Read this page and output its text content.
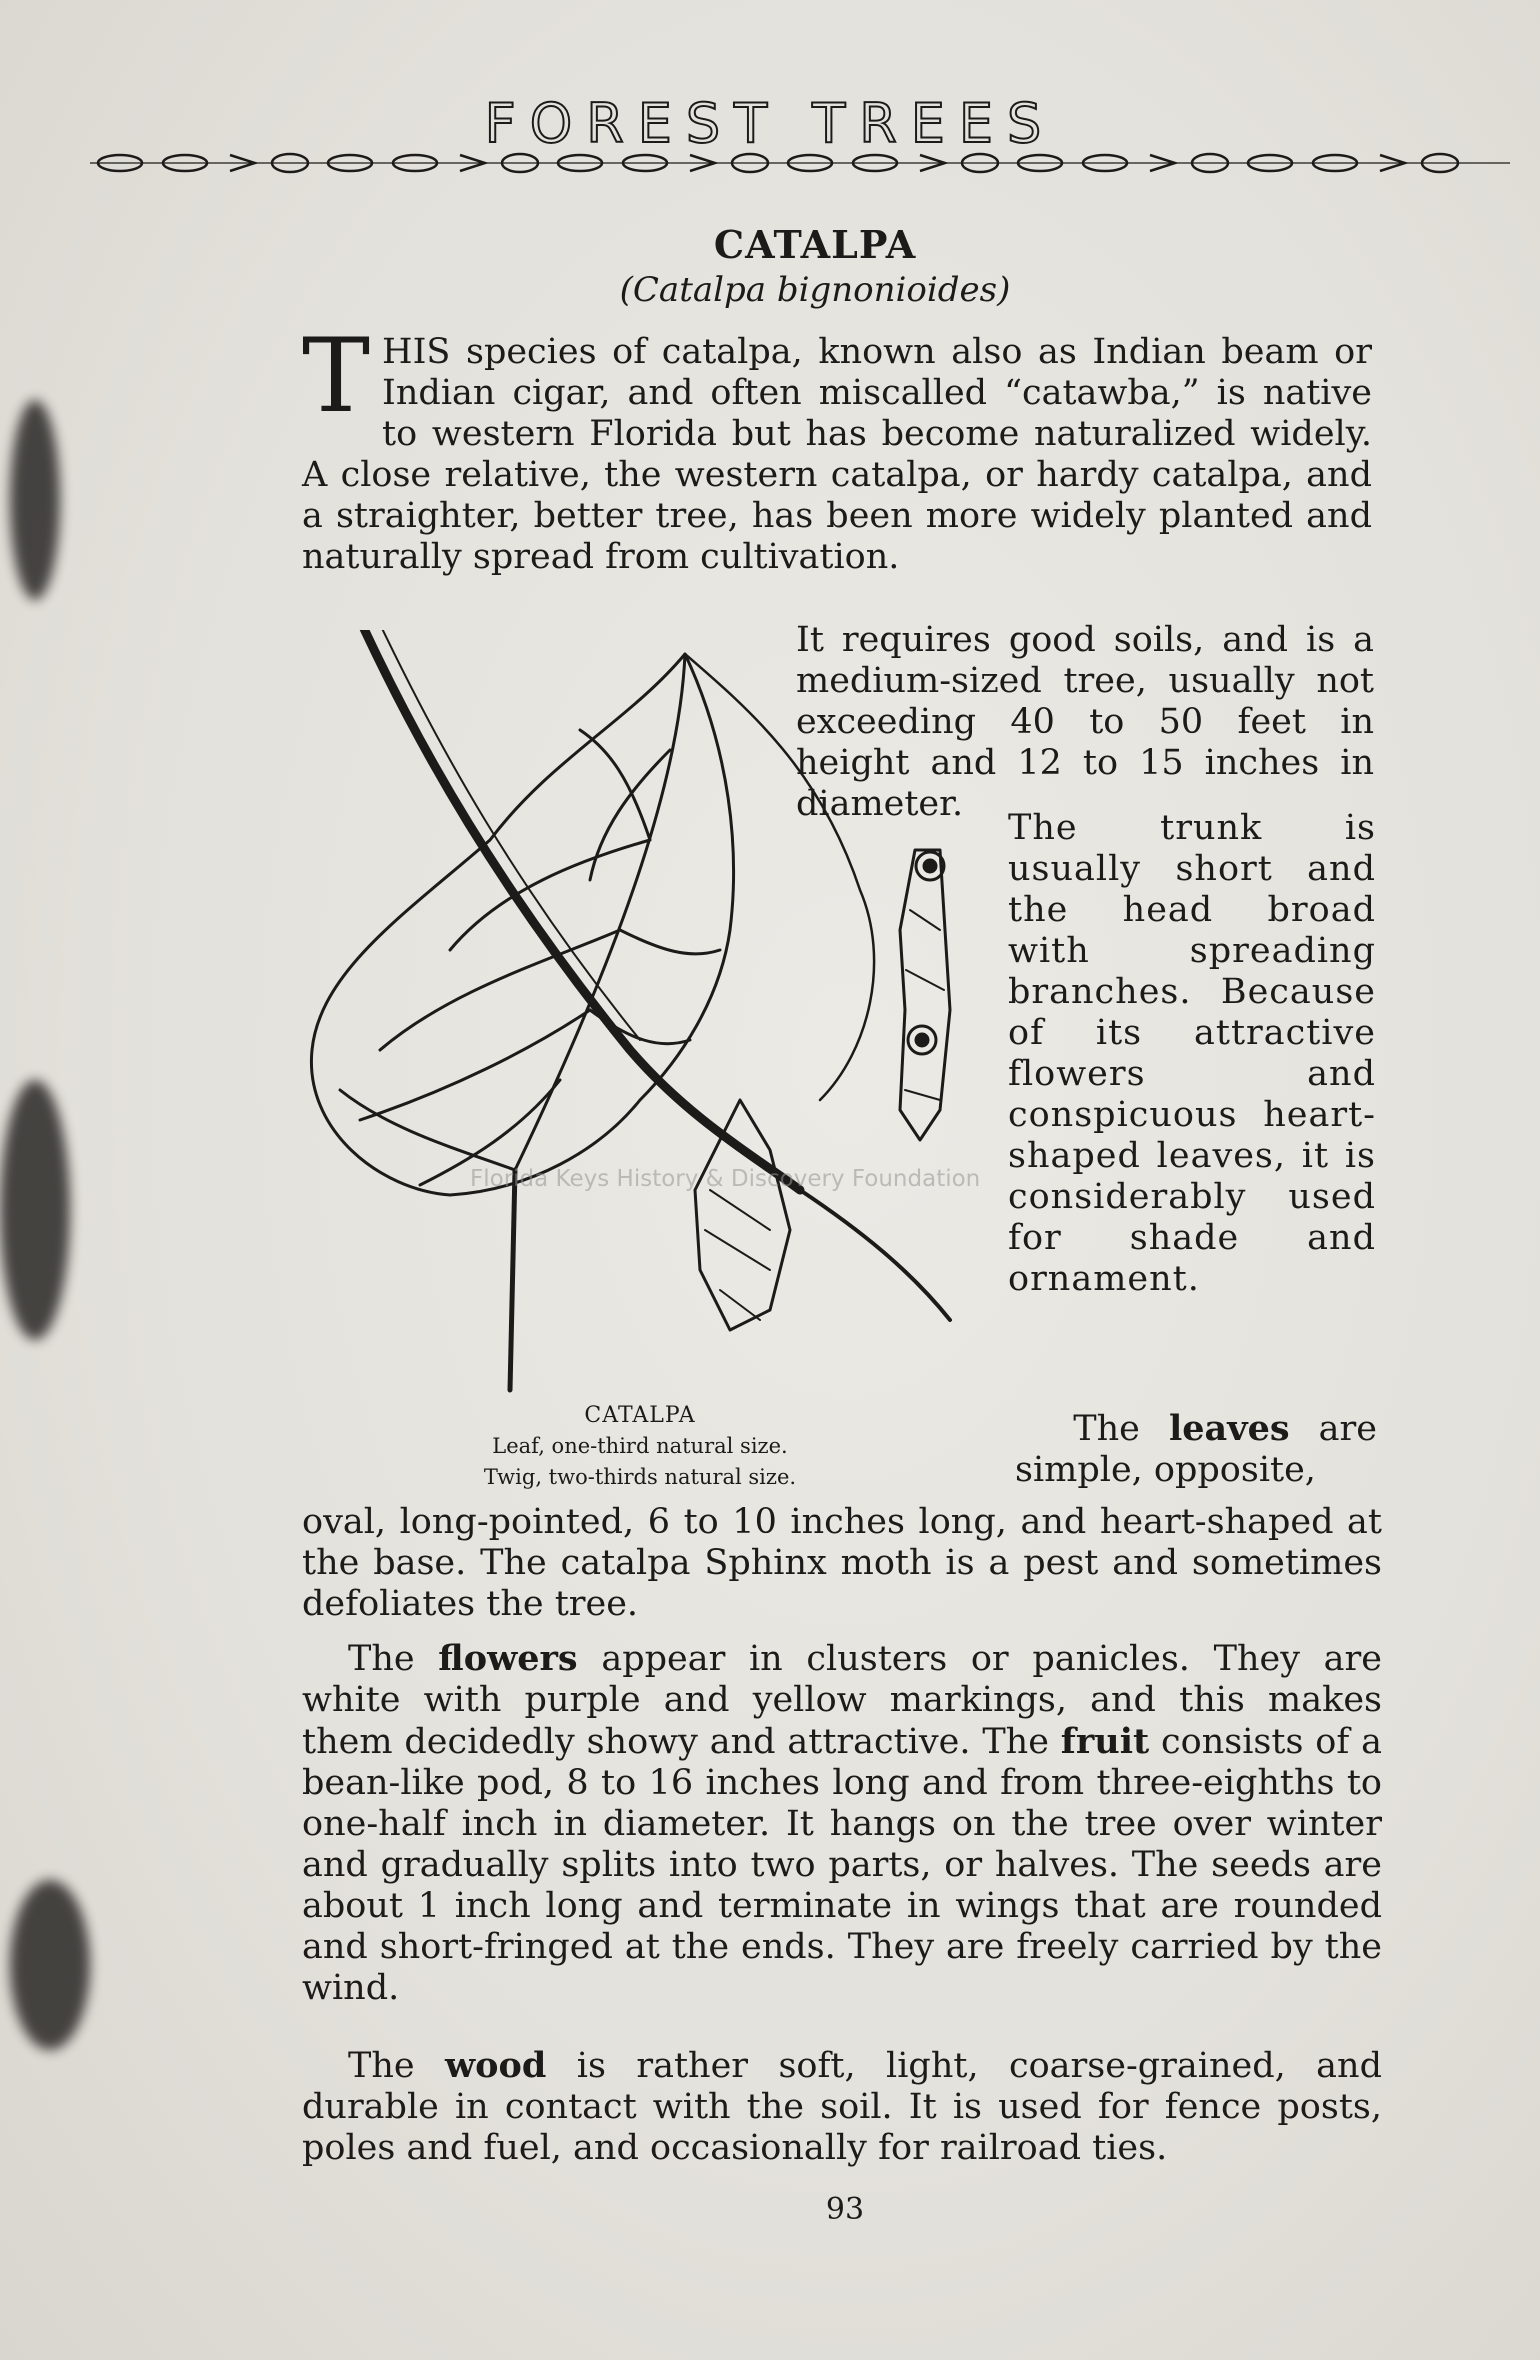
FOREST TREES
CATALPA
(Catalpa bignonioides)
T HIS species of catalpa, known also as Indian beam or Indian cigar, and often miscalled “catawba,” is native to western Florida but has become naturalized widely. A close relative, the western catalpa, or hardy catalpa, and a straighter, better tree, has been more widely planted and naturally spread from cultivation.
It requires good soils, and is a medium-sized tree, usually not exceeding 40 to 50 feet in height and 12 to 15 inches in diameter.
The trunk is usually short and the head broad with spreading branches. Because of its attractive flowers and conspicuous heart-shaped leaves, it is considerably used for shade and ornament.
Florida Keys History & Discovery Foundation
CATALPA
Leaf, one-third natural size.
Twig, two-thirds natural size.
The leaves are simple, opposite,
oval, long-pointed, 6 to 10 inches long, and heart-shaped at the base. The catalpa Sphinx moth is a pest and sometimes defoliates the tree.
The flowers appear in clusters or panicles. They are white with purple and yellow markings, and this makes them decidedly showy and attractive. The fruit consists of a bean-like pod, 8 to 16 inches long and from three-eighths to one-half inch in diameter. It hangs on the tree over winter and gradually splits into two parts, or halves. The seeds are about 1 inch long and terminate in wings that are rounded and short-fringed at the ends. They are freely carried by the wind.
The wood is rather soft, light, coarse-grained, and durable in contact with the soil. It is used for fence posts, poles and fuel, and occasionally for railroad ties.
93
